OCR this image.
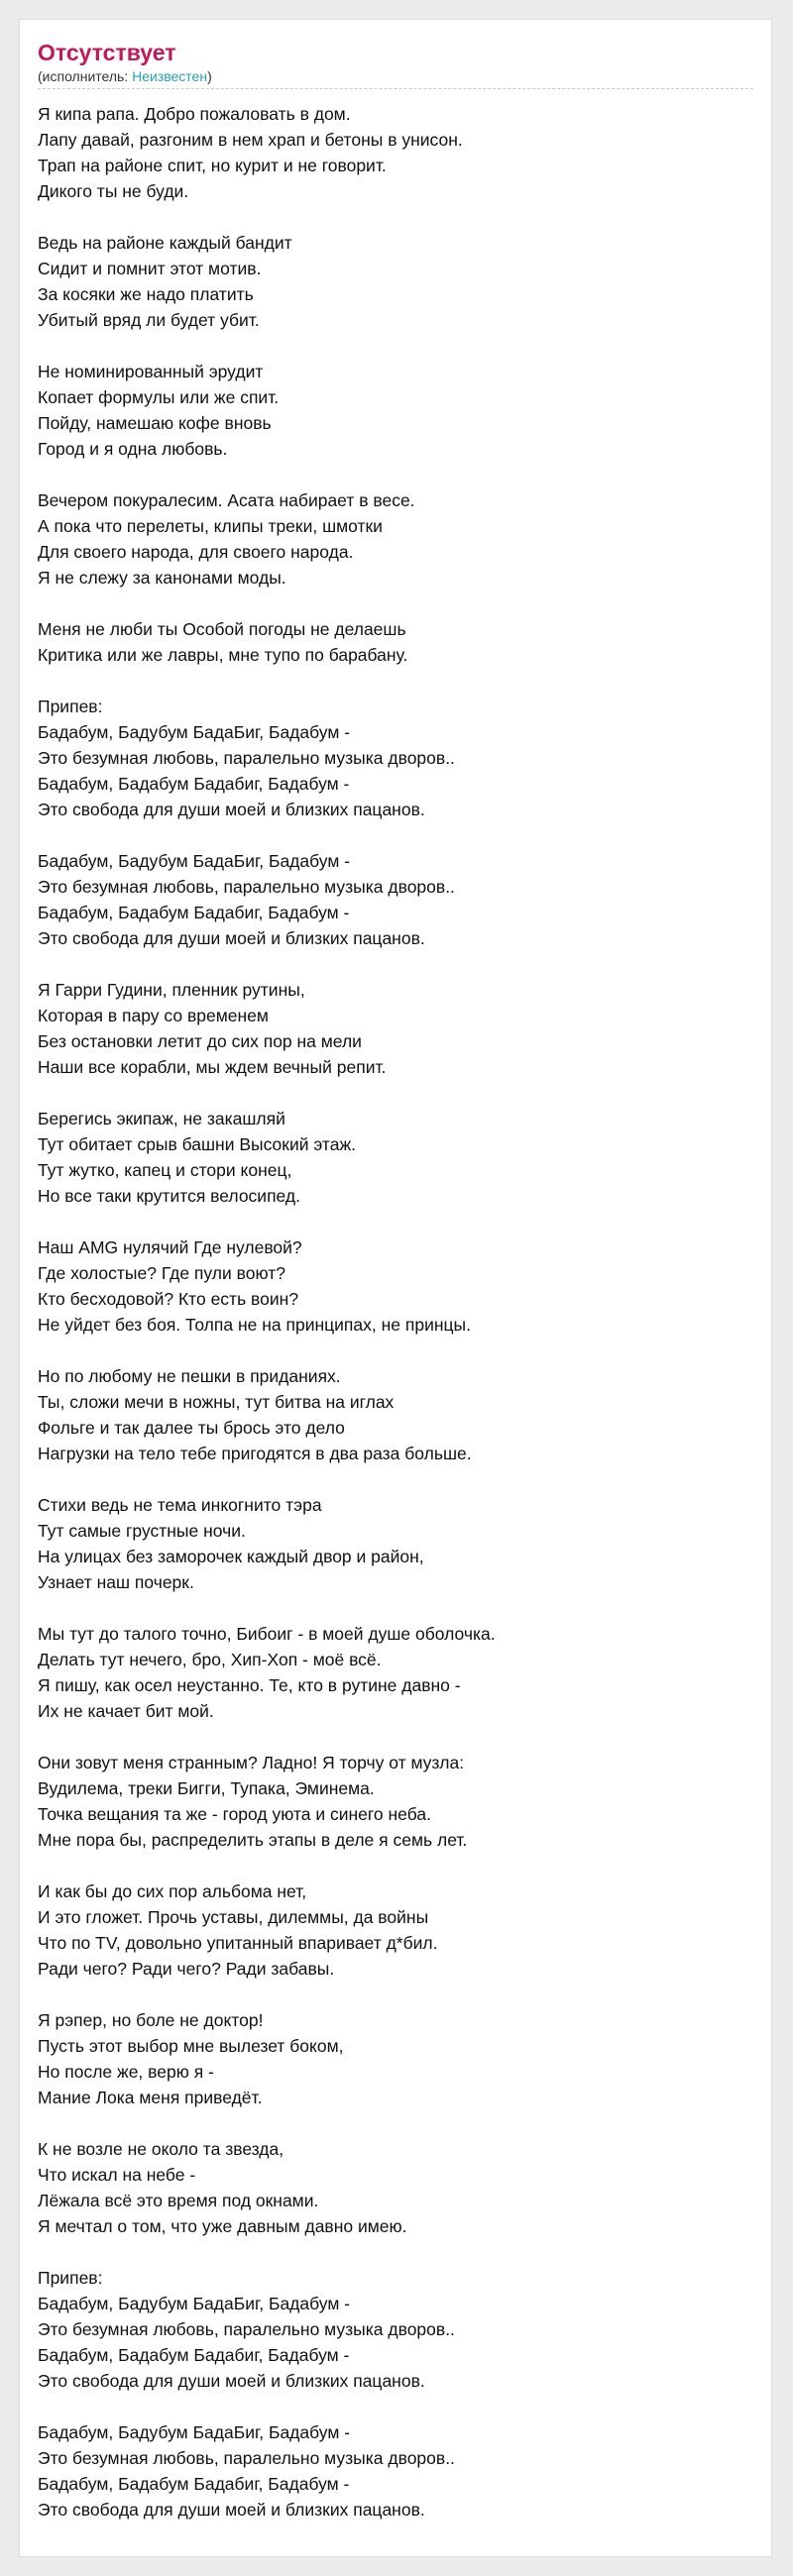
Отсутствует
(исполнитель: Неизвестен)
Я кипа рапа. Добро пожаловать в дом.
Лапу давай, разгоним в нем храп и бетоны в унисон.
Трап на районе спит, но курит и не говорит.
Дикого ты не буди.
Ведь на районе каждый бандит
Сидит и помнит этот мотив.
За косяки же надо платить
Убитый вряд ли будет убит.
Не номинированный эрудит
Копает формулы или же спит.
Пойду, намешаю кофе вновь
Город и я одна любовь.
Вечером покуралесим. Асата набирает в весе.
А пока что перелеты, клипы треки, шмотки
Для своего народа, для своего народа.
Я не слежу за канонами моды.
Меня не люби ты Особой погоды не делаешь
Критика или же лавры, мне тупо по барабану.
Припев:
Бадабум, Бадубум БадаБиг, Бадабум -
Это безумная любовь, паралельно музыка дворов..
Бадабум, Бадабум Бадабиг, Бадабум -
Это свобода для души моей и близких пацанов.
Бадабум, Бадубум БадаБиг, Бадабум -
Это безумная любовь, паралельно музыка дворов..
Бадабум, Бадабум Бадабиг, Бадабум -
Это свобода для души моей и близких пацанов.
Я Гарри Гудини, пленник рутины,
Которая в пару со временем
Без остановки летит до сих пор на мели
Наши все корабли, мы ждем вечный репит.
Берегись экипаж, не закашляй
Тут обитает срыв башни Высокий этаж.
Тут жутко, капец и стори конец,
Но все таки крутится велосипед.
Наш AMG нулячий Где нулевой?
Где холостые? Где пули воют?
Кто бесходовой? Кто есть воин?
Не уйдет без боя. Толпа не на принципах, не принцы.
Но по любому не пешки в приданиях.
Ты, сложи мечи в ножны, тут битва на иглах
Фольге и так далее ты брось это дело
Нагрузки на тело тебе пригодятся в два раза больше.
Стихи ведь не тема инкогнито тэра
Тут самые грустные ночи.
На улицах без заморочек каждый двор и район,
Узнает наш почерк.
Мы тут до талого точно, Бибоиг - в моей душе оболочка.
Делать тут нечего, бро, Хип-Хоп - моё всё.
Я пишу, как осел неустанно. Те, кто в рутине давно -
Их не качает бит мой.
Они зовут меня странным? Ладно! Я торчу от музла:
Вудилема, треки Бигги, Тупака, Эминема.
Точка вещания та же - город уюта и синего неба.
Мне пора бы, распределить этапы в деле я семь лет.
И как бы до сих пор альбома нет,
И это гложет. Прочь уставы, дилеммы, да войны
Что по TV, довольно упитанный впаривает д*бил.
Ради чего? Ради чего? Ради забавы.
Я рэпер, но боле не доктор!
Пусть этот выбор мне вылезет боком,
Но после же, верю я -
Мание Лока меня приведёт.
К не возле не около та звезда,
Что искал на небе -
Лёжала всё это время под окнами.
Я мечтал о том, что уже давным давно имею.
Припев:
Бадабум, Бадубум БадаБиг, Бадабум -
Это безумная любовь, паралельно музыка дворов..
Бадабум, Бадабум Бадабиг, Бадабум -
Это свобода для души моей и близких пацанов.
Бадабум, Бадубум БадаБиг, Бадабум -
Это безумная любовь, паралельно музыка дворов..
Бадабум, Бадабум Бадабиг, Бадабум -
Это свобода для души моей и близких пацанов.
